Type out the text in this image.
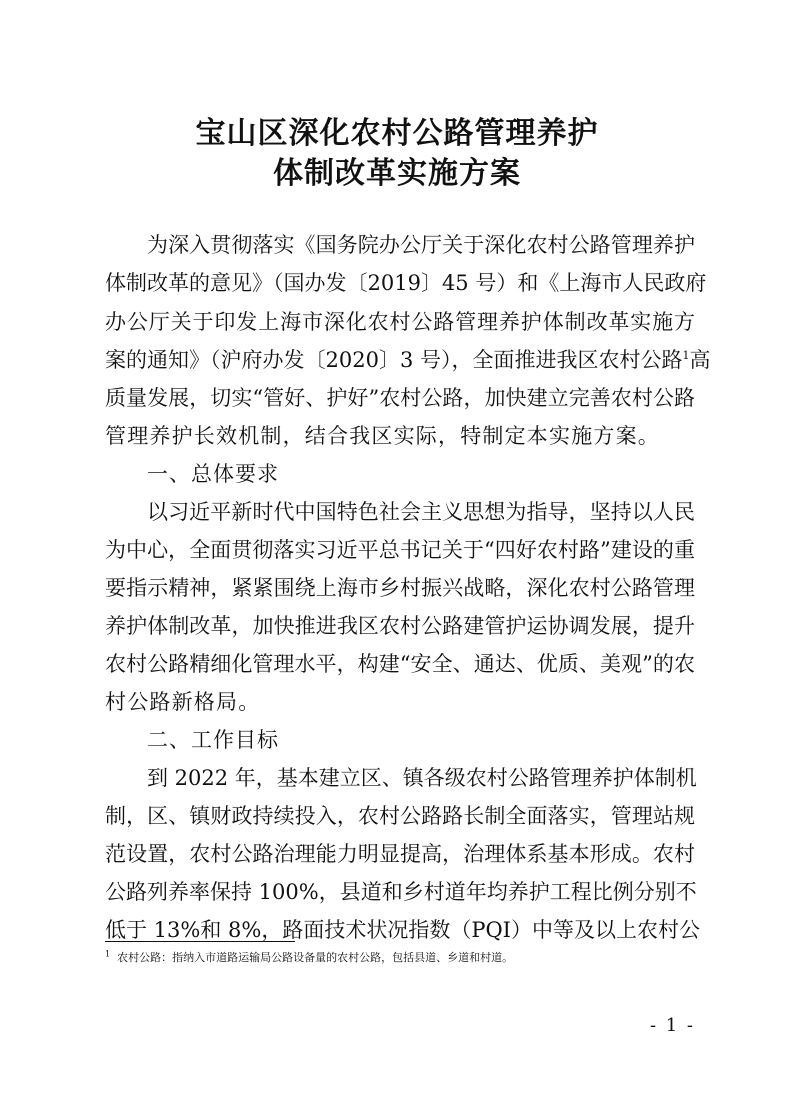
宝山区深化农村公路管理养护
体制改革实施方案
为深入贯彻落实《国务院办公厅关于深化农村公路管理养护
体制改革的意见》（国办发〔2019〕45 号）和《上海市人民政府
办公厅关于印发上海市深化农村公路管理养护体制改革实施方
案的通知》（沪府办发〔2020〕3 号），全面推进我区农村公路$^1$高
质量发展，切实“管好、护好”农村公路，加快建立完善农村公路
管理养护长效机制，结合我区实际，特制定本实施方案。
一、总体要求
以习近平新时代中国特色社会主义思想为指导，坚持以人民
为中心，全面贯彻落实习近平总书记关于“四好农村路”建设的重
要指示精神，紧紧围绕上海市乡村振兴战略，深化农村公路管理
养护体制改革，加快推进我区农村公路建管护运协调发展，提升
农村公路精细化管理水平，构建“安全、通达、优质、美观”的农
村公路新格局。
二、工作目标
到 2022 年，基本建立区、镇各级农村公路管理养护体制机
制，区、镇财政持续投入，农村公路路长制全面落实，管理站规
范设置，农村公路治理能力明显提高，治理体系基本形成。农村
公路列养率保持 100%，县道和乡村道年均养护工程比例分别不
低于 13%和 8%，路面技术状况指数（PQI）中等及以上农村公
$^1$ 农村公路：指纳入市道路运输局公路设备量的农村公路，包括县道、乡道和村道。
- 1 -
